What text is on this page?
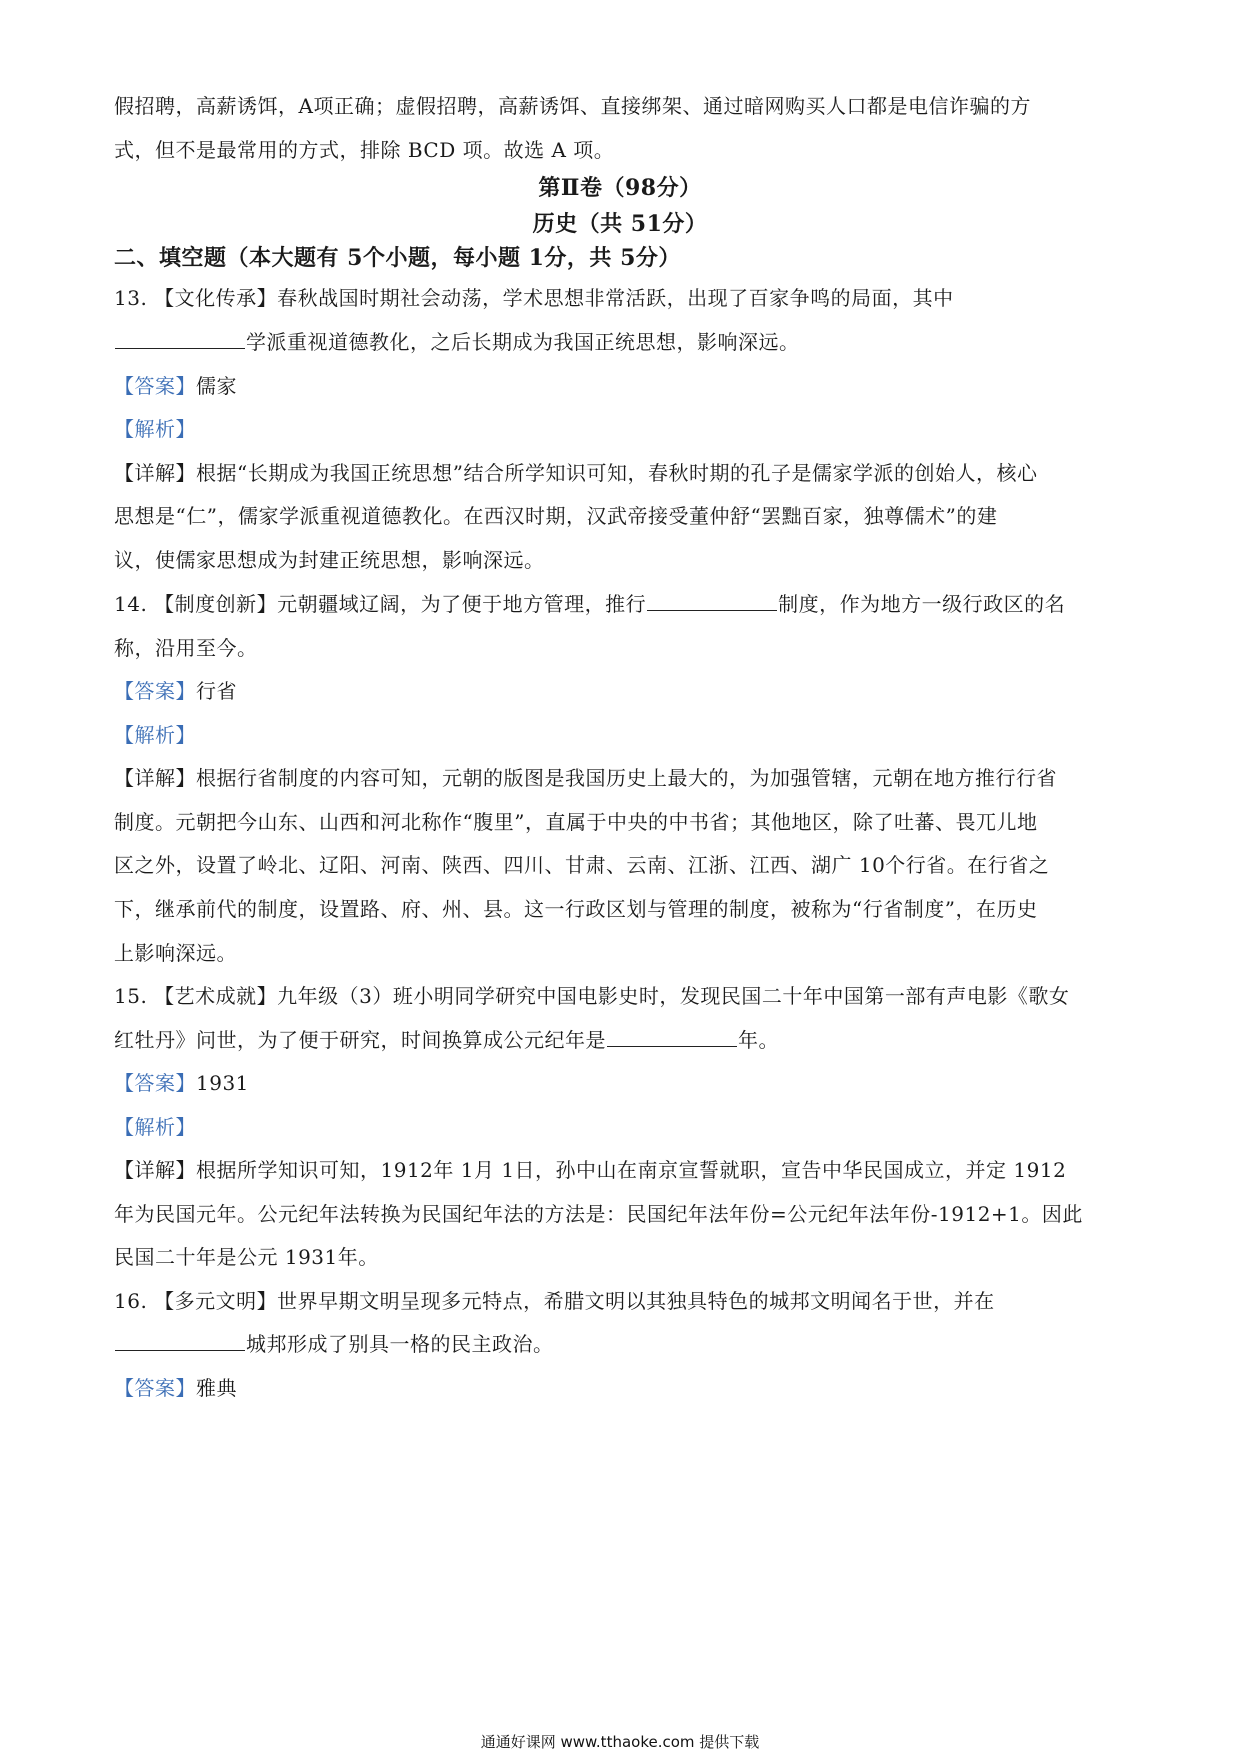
假招聘，高薪诱饵，A项正确；虚假招聘，高薪诱饵、直接绑架、通过暗网购买人口都是电信诈骗的方
式，但不是最常用的方式，排除 BCD 项。故选 A 项。
第Ⅱ卷（98分）
历史（共 51分）
二、填空题（本大题有 5个小题，每小题 1分，共 5分）
13. 【文化传承】春秋战国时期社会动荡，学术思想非常活跃，出现了百家争鸣的局面，其中
学派重视道德教化，之后长期成为我国正统思想，影响深远。
【答案】儒家
【解析】
【详解】根据“长期成为我国正统思想”结合所学知识可知，春秋时期的孔子是儒家学派的创始人，核心
思想是“仁”，儒家学派重视道德教化。在西汉时期，汉武帝接受董仲舒“罢黜百家，独尊儒术”的建
议，使儒家思想成为封建正统思想，影响深远。
14. 【制度创新】元朝疆域辽阔，为了便于地方管理，推行	制度，作为地方一级行政区的名
称，沿用至今。
【答案】行省
【解析】
【详解】根据行省制度的内容可知，元朝的版图是我国历史上最大的，为加强管辖，元朝在地方推行行省
制度。元朝把今山东、山西和河北称作“腹里”，直属于中央的中书省；其他地区，除了吐蕃、畏兀儿地
区之外，设置了岭北、辽阳、河南、陕西、四川、甘肃、云南、江浙、江西、湖广 10个行省。在行省之
下，继承前代的制度，设置路、府、州、县。这一行政区划与管理的制度，被称为“行省制度”，在历史
上影响深远。
15. 【艺术成就】九年级（3）班小明同学研究中国电影史时，发现民国二十年中国第一部有声电影《歌女
红牡丹》问世，为了便于研究，时间换算成公元纪年是	年。
【答案】1931
【解析】
【详解】根据所学知识可知，1912年 1月 1日，孙中山在南京宣誓就职，宣告中华民国成立，并定 1912
年为民国元年。公元纪年法转换为民国纪年法的方法是：民国纪年法年份=公元纪年法年份-1912+1。因此
民国二十年是公元 1931年。
16. 【多元文明】世界早期文明呈现多元特点，希腊文明以其独具特色的城邦文明闻名于世，并在
城邦形成了别具一格的民主政治。
【答案】雅典
通通好课网 www.tthaoke.com 提供下载
